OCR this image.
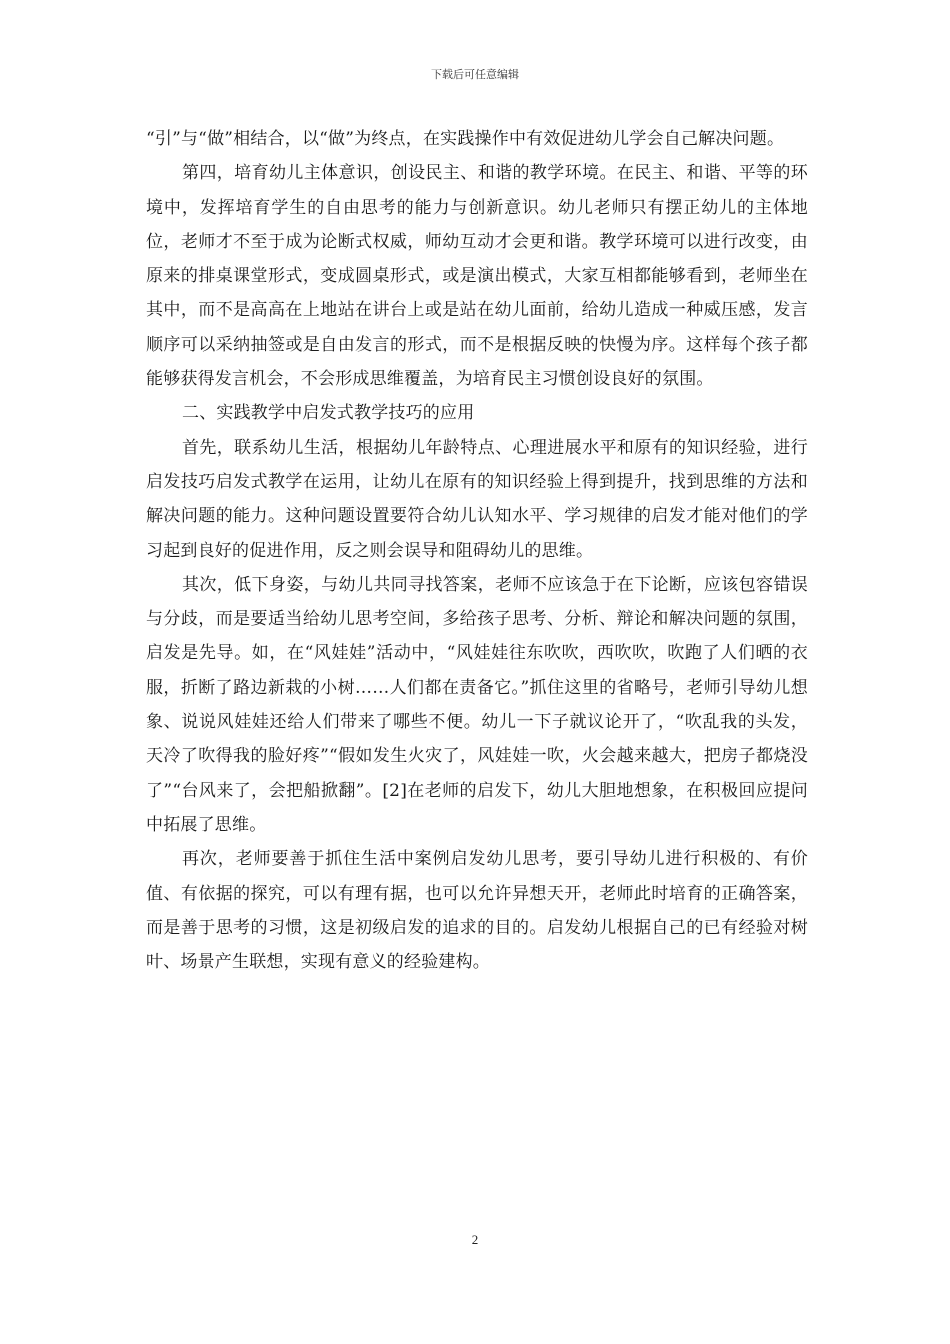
下载后可任意编辑

“引”与“做”相结合，以“做”为终点，在实践操作中有效促进幼儿学会自己解决问题。

第四，培育幼儿主体意识，创设民主、和谐的教学环境。在民主、和谐、平等的环境中，发挥培育学生的自由思考的能力与创新意识。幼儿老师只有摆正幼儿的主体地位，老师才不至于成为论断式权威，师幼互动才会更和谐。教学环境可以进行改变，由原来的排桌课堂形式，变成圆桌形式，或是演出模式，大家互相都能够看到，老师坐在其中，而不是高高在上地站在讲台上或是站在幼儿面前，给幼儿造成一种威压感，发言顺序可以采纳抽签或是自由发言的形式，而不是根据反映的快慢为序。这样每个孩子都能够获得发言机会，不会形成思维覆盖，为培育民主习惯创设良好的氛围。

二、实践教学中启发式教学技巧的应用

首先，联系幼儿生活，根据幼儿年龄特点、心理进展水平和原有的知识经验，进行启发技巧启发式教学在运用，让幼儿在原有的知识经验上得到提升，找到思维的方法和解决问题的能力。这种问题设置要符合幼儿认知水平、学习规律的启发才能对他们的学习起到良好的促进作用，反之则会误导和阻碍幼儿的思维。

其次，低下身姿，与幼儿共同寻找答案，老师不应该急于在下论断，应该包容错误与分歧，而是要适当给幼儿思考空间，多给孩子思考、分析、辩论和解决问题的氛围，启发是先导。如，在“风娃娃”活动中，“风娃娃往东吹吹，西吹吹，吹跑了人们晒的衣服，折断了路边新栽的小树……人们都在责备它。”抓住这里的省略号，老师引导幼儿想象、说说风娃娃还给人们带来了哪些不便。幼儿一下子就议论开了，“吹乱我的头发，天冷了吹得我的脸好疼”“假如发生火灾了，风娃娃一吹，火会越来越大，把房子都烧没了”“台风来了，会把船掀翻”。[2]在老师的启发下，幼儿大胆地想象，在积极回应提问中拓展了思维。

再次，老师要善于抓住生活中案例启发幼儿思考，要引导幼儿进行积极的、有价值、有依据的探究，可以有理有据，也可以允许异想天开，老师此时培育的正确答案，而是善于思考的习惯，这是初级启发的追求的目的。启发幼儿根据自己的已有经验对树叶、场景产生联想，实现有意义的经验建构。

2
